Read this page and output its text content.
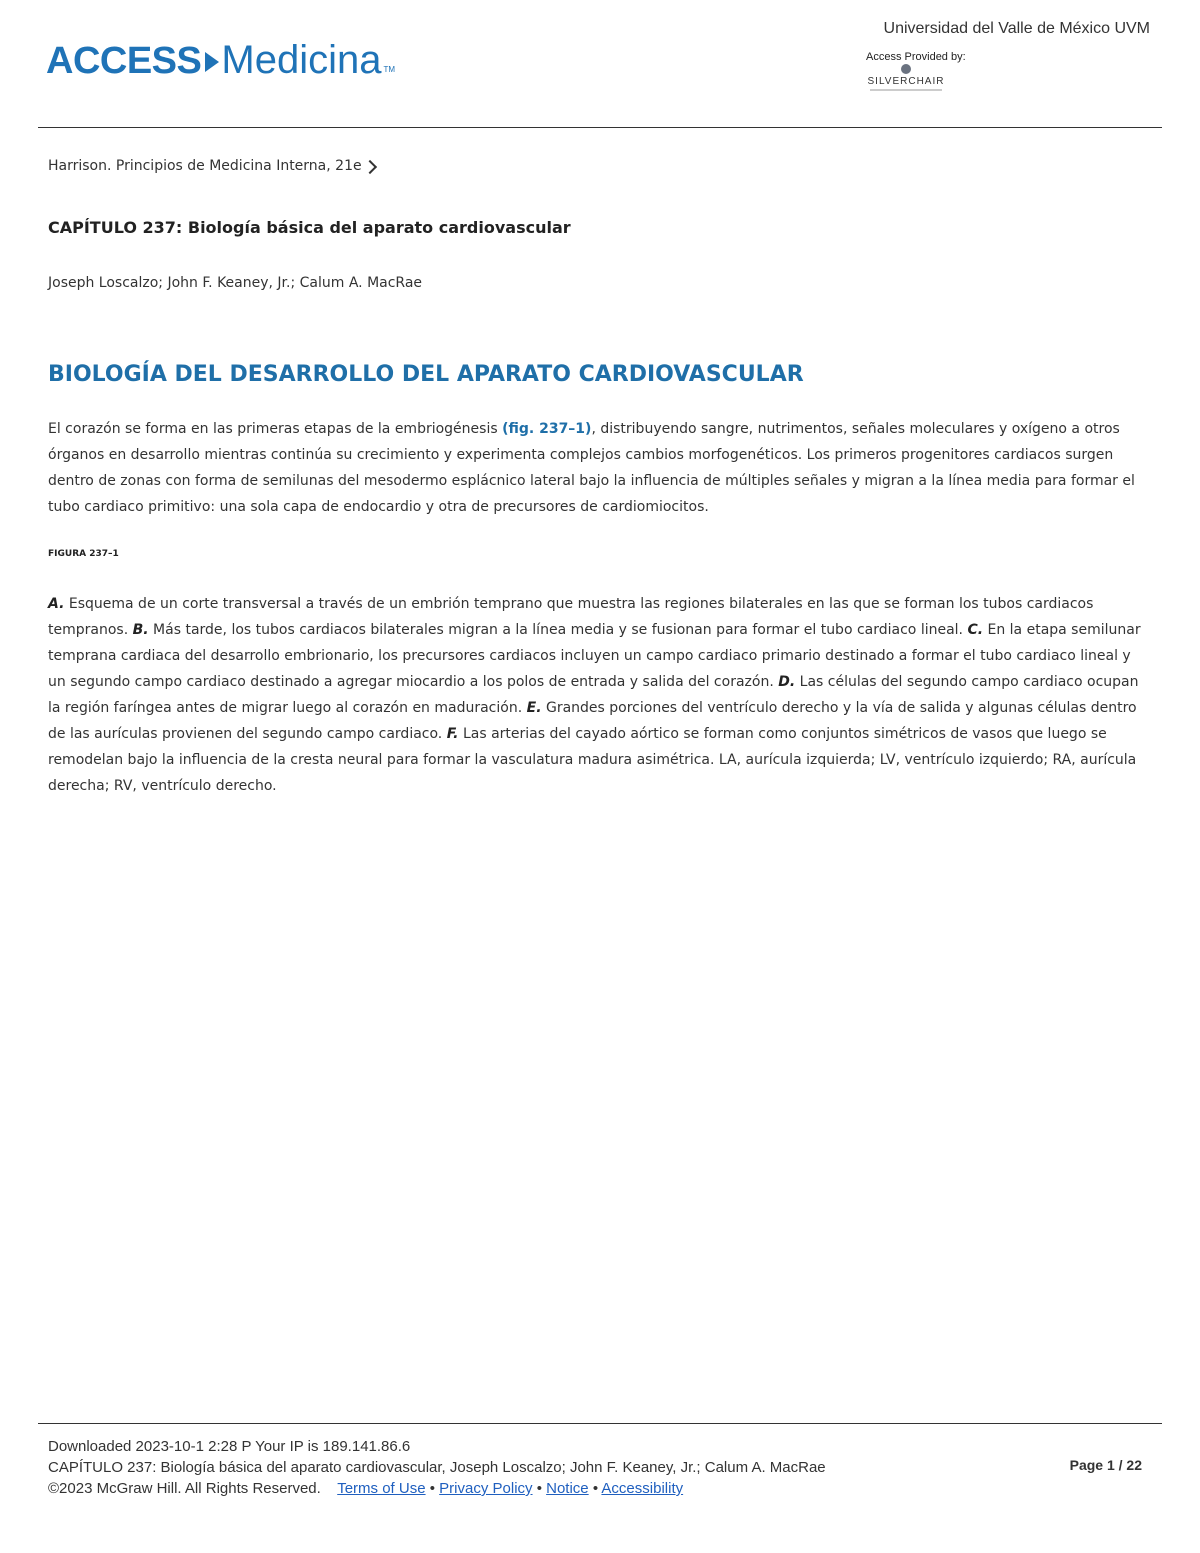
ACCESS Medicina TM
Universidad del Valle de México UVM
Access Provided by:
SILVERCHAIR
Harrison. Principios de Medicina Interna, 21e
CAPÍTULO 237: Biología básica del aparato cardiovascular
Joseph Loscalzo; John F. Keaney, Jr.; Calum A. MacRae
BIOLOGÍA DEL DESARROLLO DEL APARATO CARDIOVASCULAR

El corazón se forma en las primeras etapas de la embriogénesis (fig. 237–1), distribuyendo sangre, nutrimentos, señales moleculares y oxígeno a otros órganos en desarrollo mientras continúa su crecimiento y experimenta complejos cambios morfogenéticos. Los primeros progenitores cardiacos surgen dentro de zonas con forma de semilunas del mesodermo esplácnico lateral bajo la influencia de múltiples señales y migran a la línea media para formar el tubo cardiaco primitivo: una sola capa de endocardio y otra de precursores de cardiomiocitos.

FIGURA 237–1

A. Esquema de un corte transversal a través de un embrión temprano que muestra las regiones bilaterales en las que se forman los tubos cardiacos tempranos. B. Más tarde, los tubos cardiacos bilaterales migran a la línea media y se fusionan para formar el tubo cardiaco lineal. C. En la etapa semilunar temprana cardiaca del desarrollo embrionario, los precursores cardiacos incluyen un campo cardiaco primario destinado a formar el tubo cardiaco lineal y un segundo campo cardiaco destinado a agregar miocardio a los polos de entrada y salida del corazón. D. Las células del segundo campo cardiaco ocupan la región faríngea antes de migrar luego al corazón en maduración. E. Grandes porciones del ventrículo derecho y la vía de salida y algunas células dentro de las aurículas provienen del segundo campo cardiaco. F. Las arterias del cayado aórtico se forman como conjuntos simétricos de vasos que luego se remodelan bajo la influencia de la cresta neural para formar la vasculatura madura asimétrica. LA, aurícula izquierda; LV, ventrículo izquierdo; RA, aurícula derecha; RV, ventrículo derecho.

Downloaded 2023-10-1 2:28 P Your IP is 189.141.86.6
CAPÍTULO 237: Biología básica del aparato cardiovascular, Joseph Loscalzo; John F. Keaney, Jr.; Calum A. MacRae
©2023 McGraw Hill. All Rights Reserved. Terms of Use • Privacy Policy • Notice • Accessibility
Page 1 / 22
